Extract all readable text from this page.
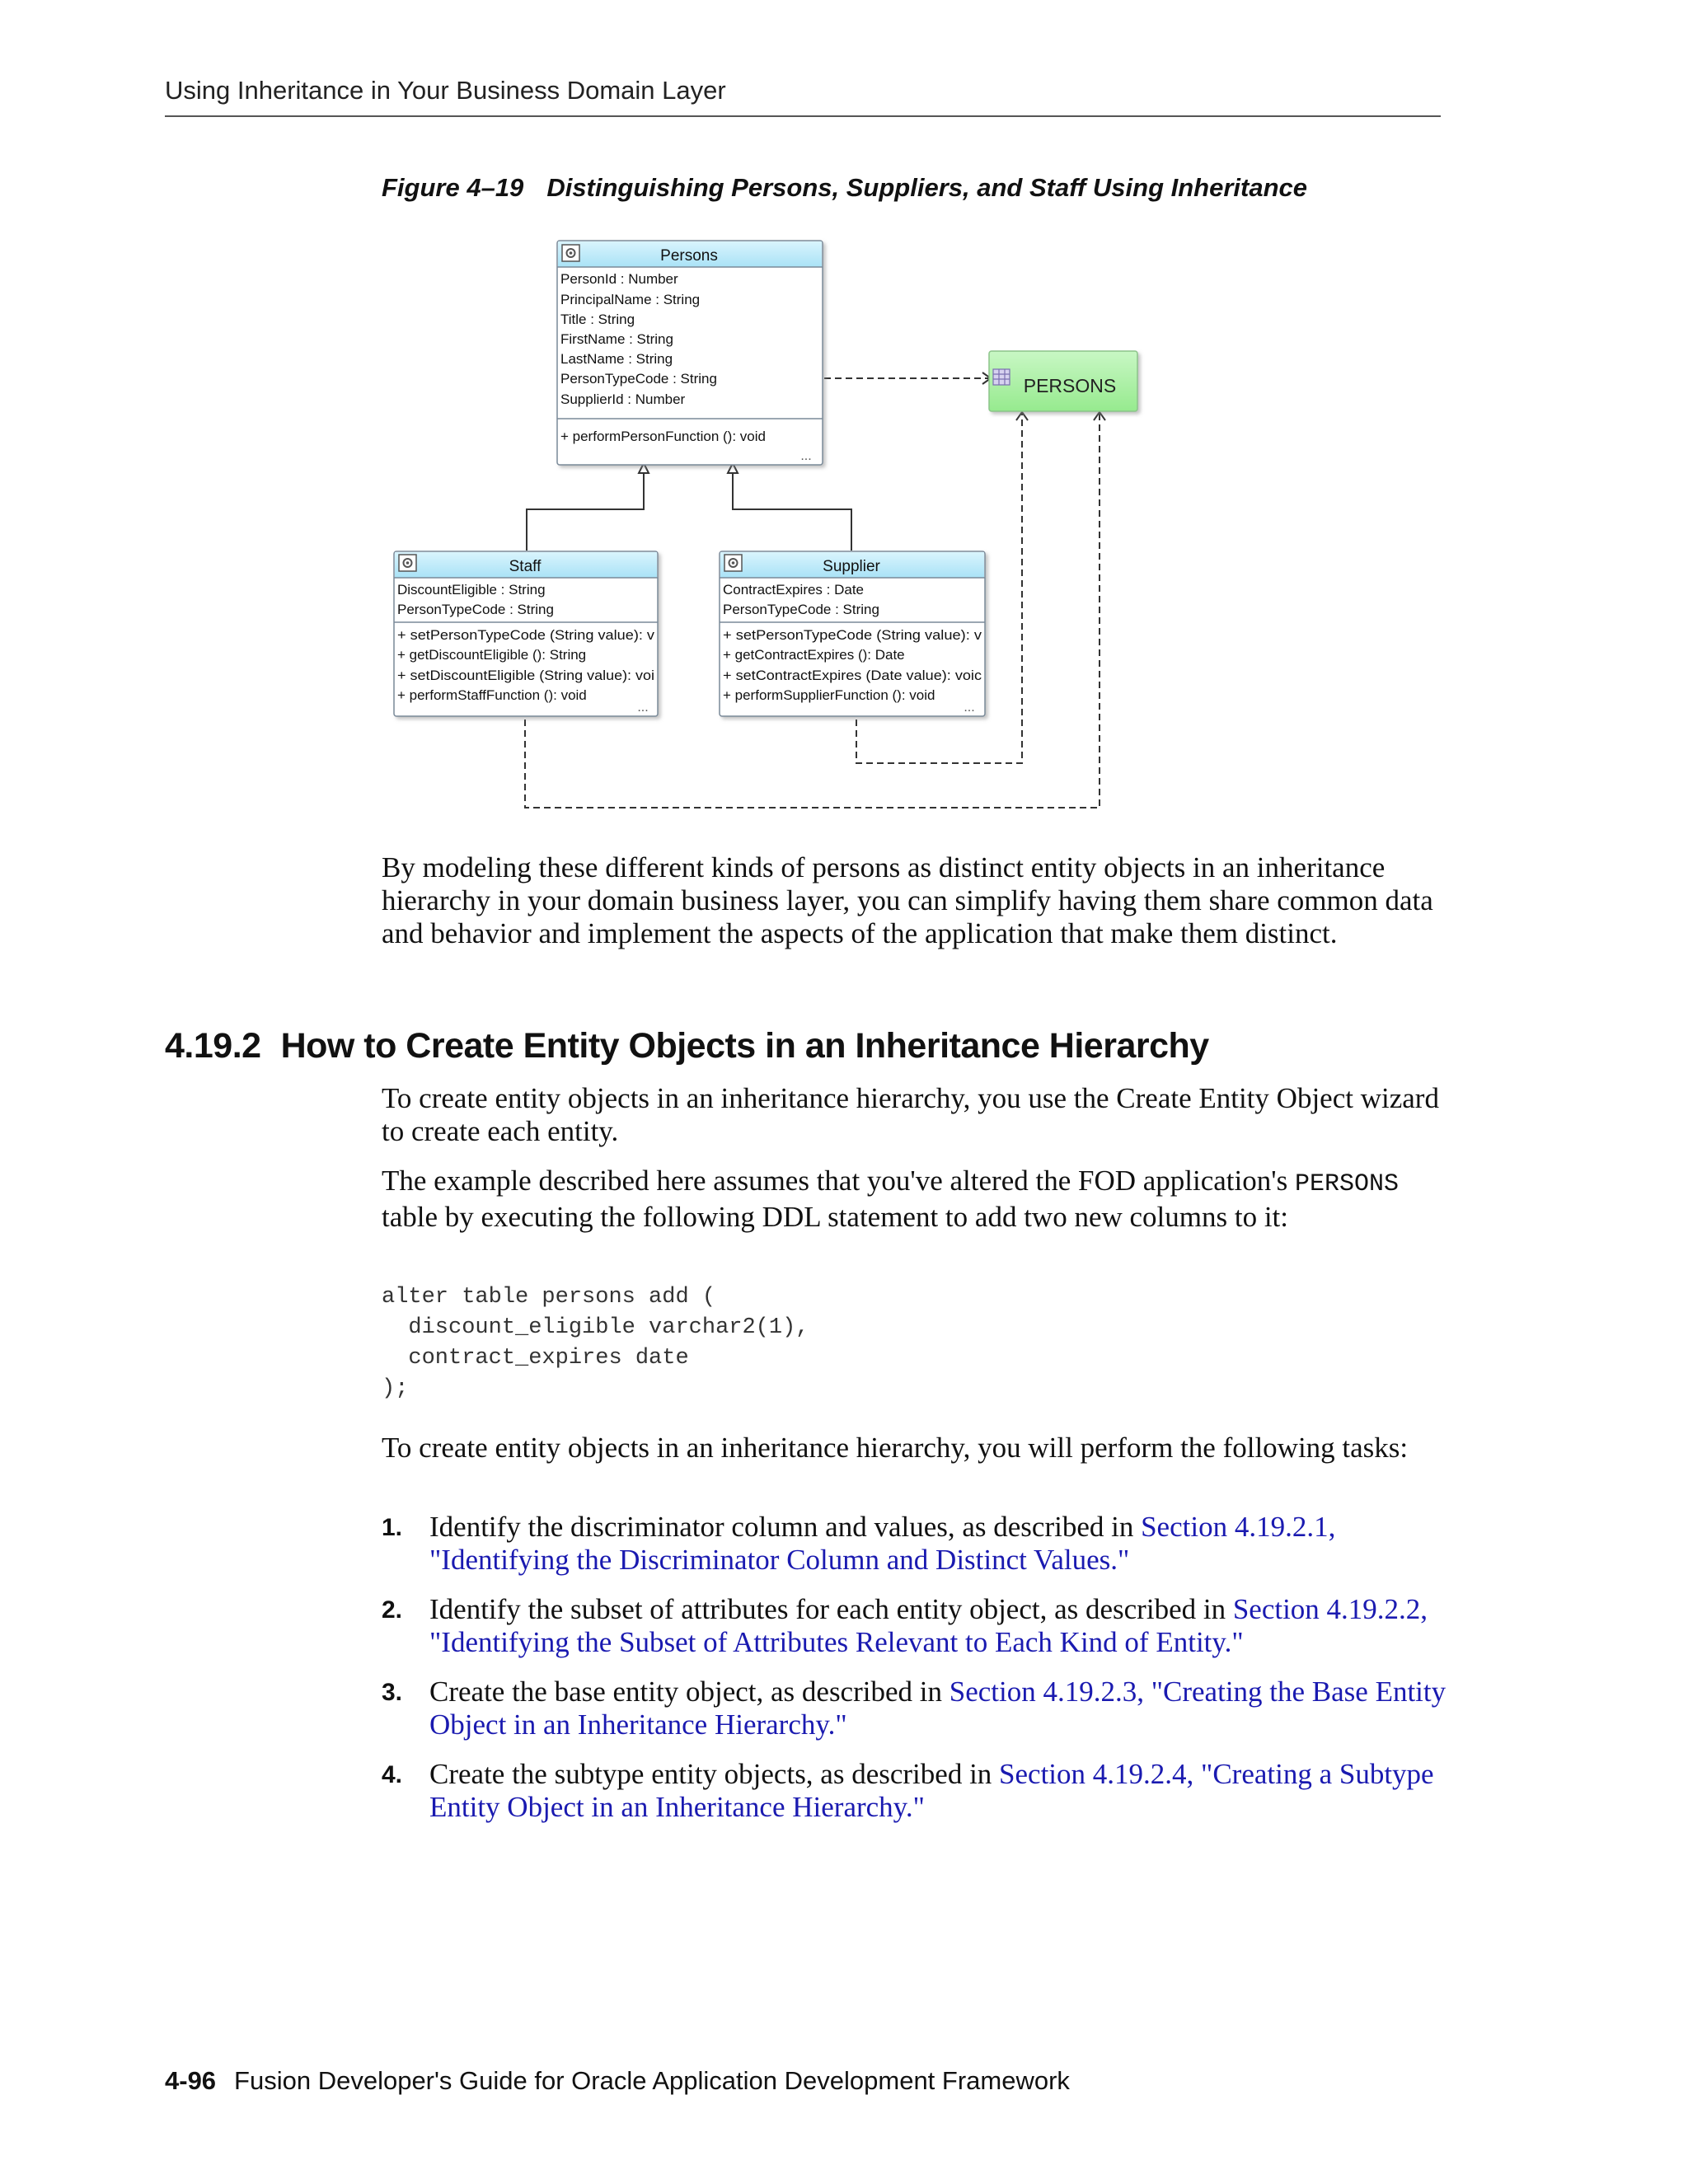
Using Inheritance in Your Business Domain Layer
Figure 4–19 Distinguishing Persons, Suppliers, and Staff Using Inheritance
Persons
PersonId : Number
PrincipalName : String
Title : String
FirstName : String
LastName : String
PersonTypeCode : String
SupplierId : Number
+ performPersonFunction (): void
...
PERSONS
Staff
DiscountEligible : String
PersonTypeCode : String
+ setPersonTypeCode (String value): v
+ getDiscountEligible (): String
+ setDiscountEligible (String value): voi
+ performStaffFunction (): void
...
Supplier
ContractExpires : Date
PersonTypeCode : String
+ setPersonTypeCode (String value): v
+ getContractExpires (): Date
+ setContractExpires (Date value): voic
+ performSupplierFunction (): void
...

By modeling these different kinds of persons as distinct entity objects in an inheritance hierarchy in your domain business layer, you can simplify having them share common data and behavior and implement the aspects of the application that make them distinct.

4.19.2 How to Create Entity Objects in an Inheritance Hierarchy

To create entity objects in an inheritance hierarchy, you use the Create Entity Object wizard to create each entity.

The example described here assumes that you've altered the FOD application's PERSONS table by executing the following DDL statement to add two new columns to it:

alter table persons add (
discount_eligible varchar2(1),
contract_expires date
);

To create entity objects in an inheritance hierarchy, you will perform the following tasks:

1. Identify the discriminator column and values, as described in Section 4.19.2.1, "Identifying the Discriminator Column and Distinct Values."
2. Identify the subset of attributes for each entity object, as described in Section 4.19.2.2, "Identifying the Subset of Attributes Relevant to Each Kind of Entity."
3. Create the base entity object, as described in Section 4.19.2.3, "Creating the Base Entity Object in an Inheritance Hierarchy."
4. Create the subtype entity objects, as described in Section 4.19.2.4, "Creating a Subtype Entity Object in an Inheritance Hierarchy."
4-96 Fusion Developer's Guide for Oracle Application Development Framework
